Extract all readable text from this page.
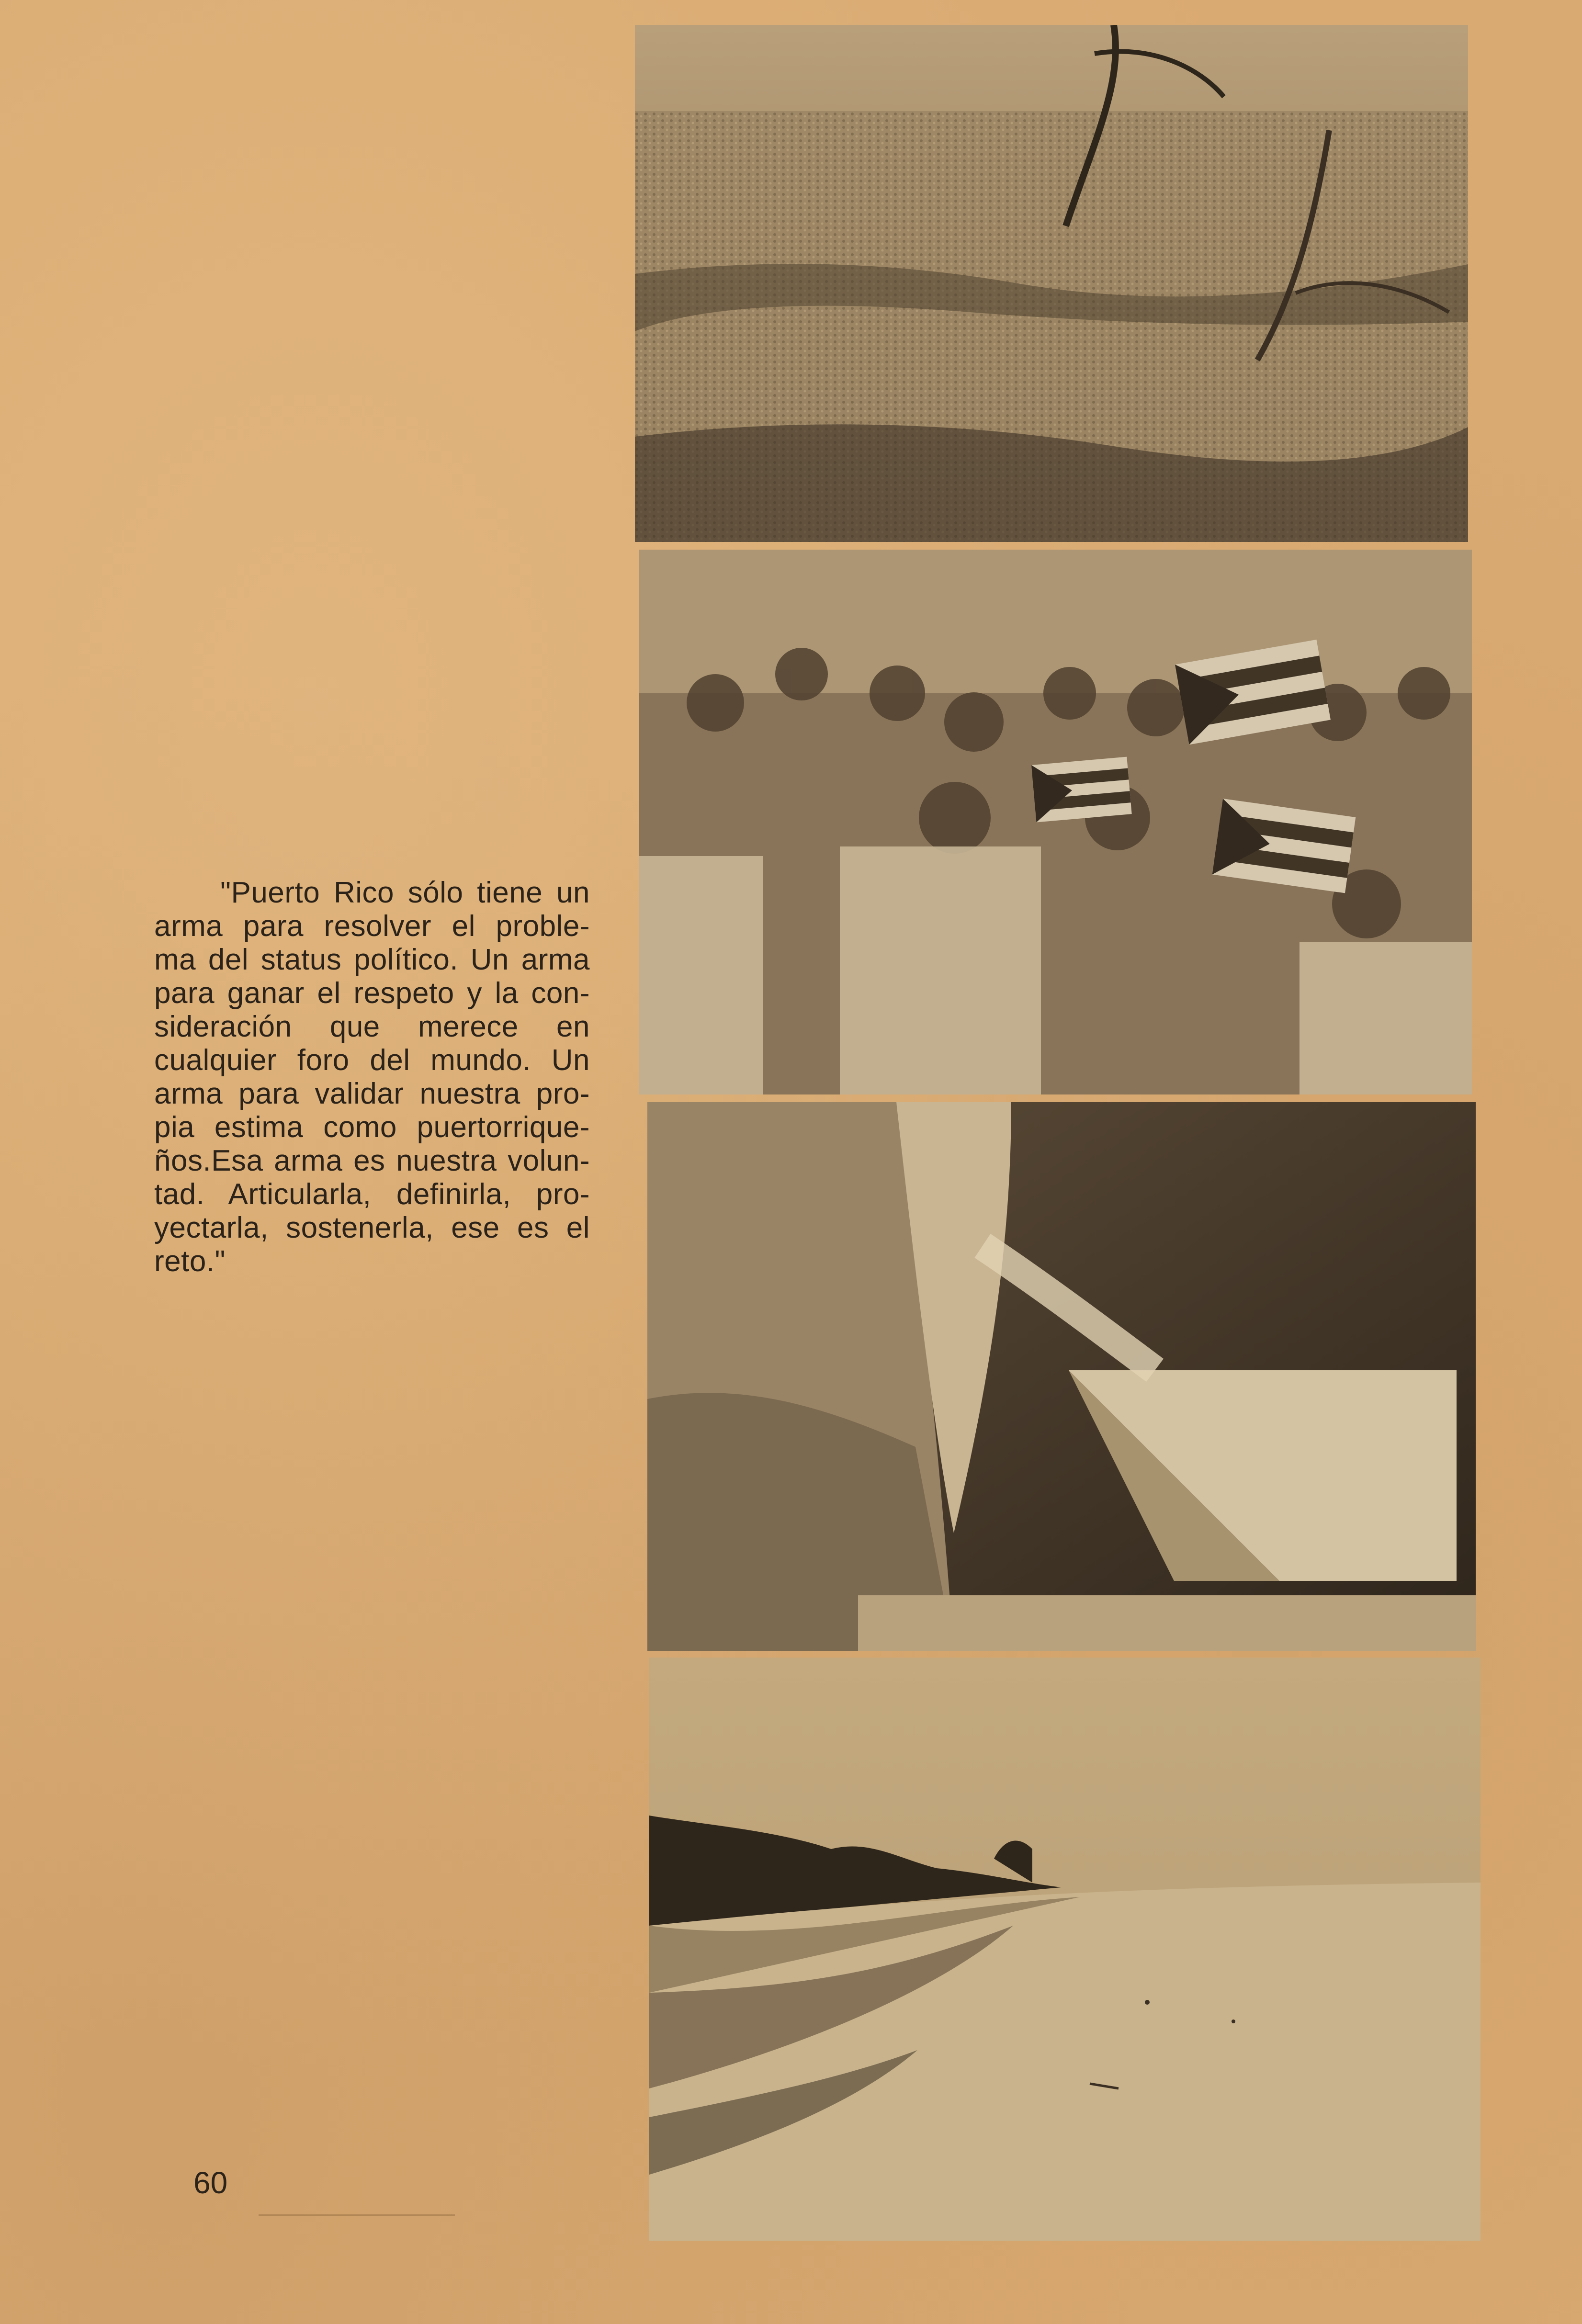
"Puerto Rico sólo tiene un
arma para resolver el proble-
ma del status político. Un arma
para ganar el respeto y la con-
sideración que merece en
cualquier foro del mundo. Un
arma para validar nuestra pro-
pia estima como puertorrique-
ños.Esa arma es nuestra volun-
tad. Articularla, definirla, pro-
yectarla, sostenerla, ese es el
reto."
60
